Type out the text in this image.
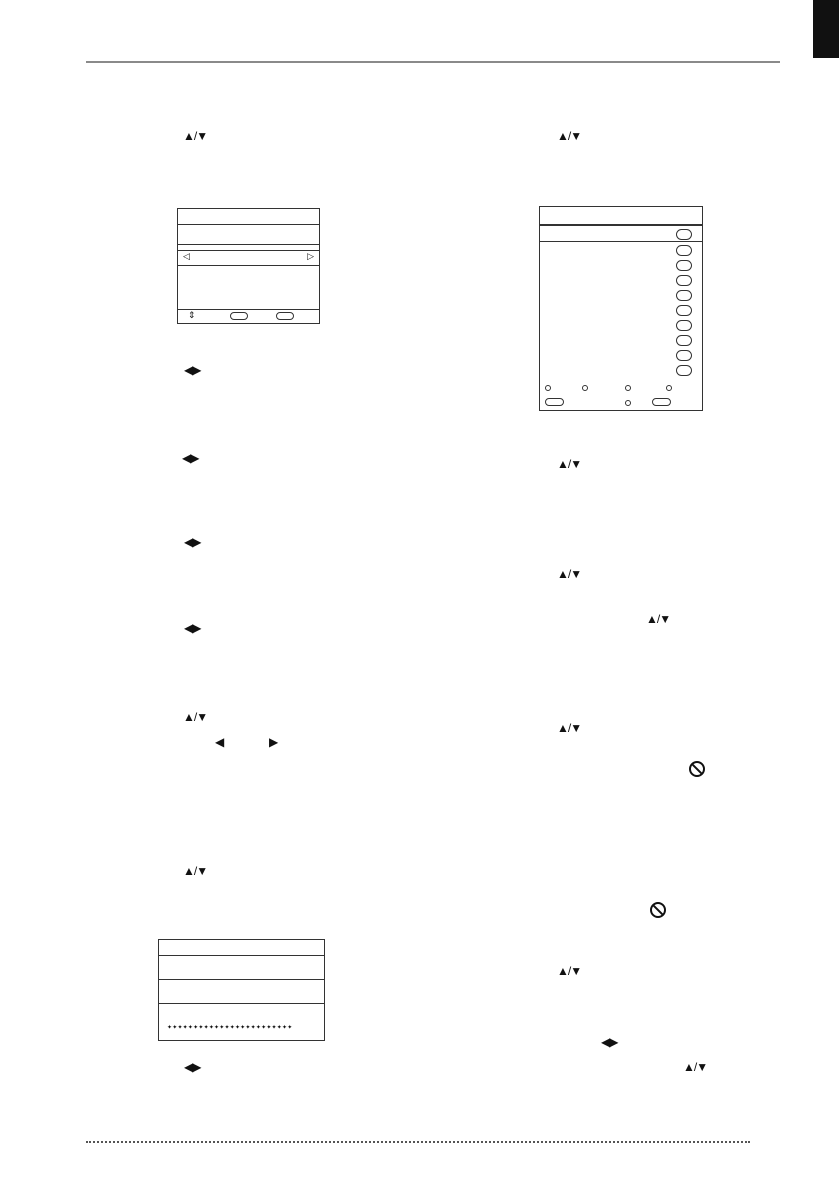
▲/▼
◁	▷
⇕
◀▶
◀▶
◀▶
◀▶
▲/▼
◀	▶
▲/▼
✦✦✦✦✦✦✦✦✦✦✦✦✦✦✦✦✦✦✦✦✦✦✦✦
◀▶
▲/▼
▲/▼
▲/▼
▲/▼
▲/▼
▲/▼
◀▶
▲/▼
